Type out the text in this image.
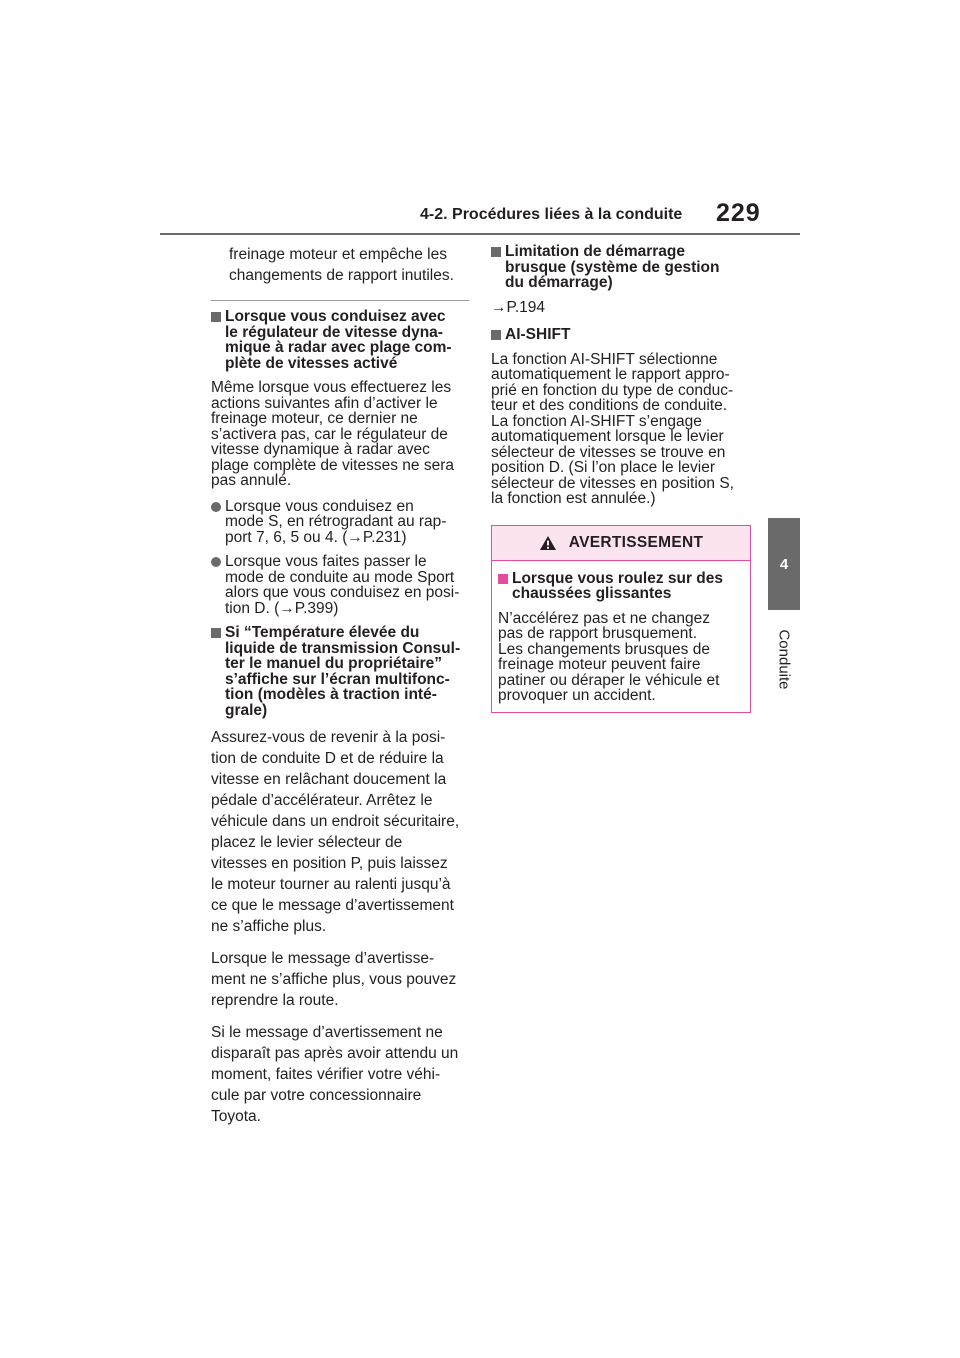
4-2. Procédures liées à la conduite	229
4
Conduite
freinage moteur et empêche les
changements de rapport inutiles.
Lorsque vous conduisez avec
le régulateur de vitesse dyna-
mique à radar avec plage com-
plète de vitesses activé
Même lorsque vous effectuerez les
actions suivantes afin d’activer le
freinage moteur, ce dernier ne
s’activera pas, car le régulateur de
vitesse dynamique à radar avec
plage complète de vitesses ne sera
pas annulé.
Lorsque vous conduisez en
mode S, en rétrogradant au rap-
port 7, 6, 5 ou 4. (→P.231)
Lorsque vous faites passer le
mode de conduite au mode Sport
alors que vous conduisez en posi-
tion D. (→P.399)
Si “Température élevée du
liquide de transmission Consul-
ter le manuel du propriétaire”
s’affiche sur l’écran multifonc-
tion (modèles à traction inté-
grale)
Assurez-vous de revenir à la posi-
tion de conduite D et de réduire la
vitesse en relâchant doucement la
pédale d’accélérateur. Arrêtez le
véhicule dans un endroit sécuritaire,
placez le levier sélecteur de
vitesses en position P, puis laissez
le moteur tourner au ralenti jusqu’à
ce que le message d’avertissement
ne s’affiche plus.
Lorsque le message d’avertisse-
ment ne s’affiche plus, vous pouvez
reprendre la route.
Si le message d’avertissement ne
disparaît pas après avoir attendu un
moment, faites vérifier votre véhi-
cule par votre concessionnaire
Toyota.
Limitation de démarrage
brusque (système de gestion
du démarrage)
→P.194
AI-SHIFT
La fonction AI-SHIFT sélectionne
automatiquement le rapport appro-
prié en fonction du type de conduc-
teur et des conditions de conduite.
La fonction AI-SHIFT s’engage
automatiquement lorsque le levier
sélecteur de vitesses se trouve en
position D. (Si l’on place le levier
sélecteur de vitesses en position S,
la fonction est annulée.)
AVERTISSEMENT
Lorsque vous roulez sur des
chaussées glissantes
N’accélérez pas et ne changez
pas de rapport brusquement.
Les changements brusques de
freinage moteur peuvent faire
patiner ou déraper le véhicule et
provoquer un accident.
